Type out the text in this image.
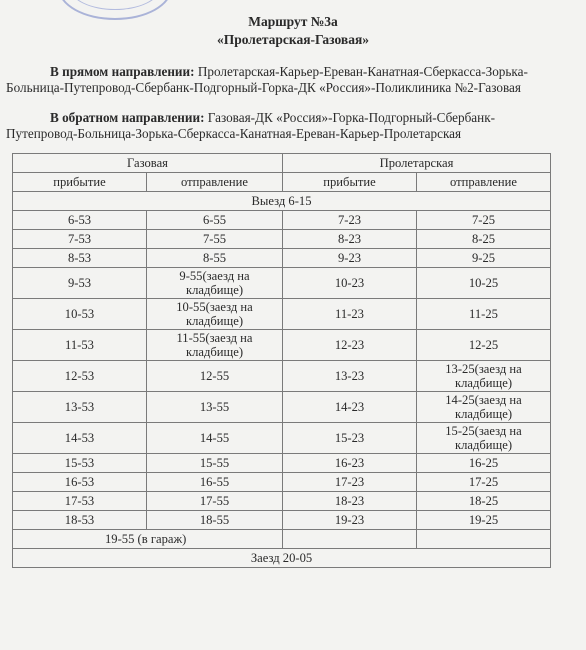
Маршрут №3а
«Пролетарская-Газовая»
В прямом направлении: Пролетарская-Карьер-Ереван-Канатная-Сберкасса-Зорька-
Больница-Путепровод-Сбербанк-Подгорный-Горка-ДК «Россия»-Поликлиника №2-Газовая
В обратном направлении: Газовая-ДК «Россия»-Горка-Подгорный-Сбербанк-
Путепровод-Больница-Зорька-Сберкасса-Канатная-Ереван-Карьер-Пролетарская
Газовая		Пролетарская	
прибытие	отправление	прибытие	отправление
Выезд 6-15			
6-53	6-55	7-23	7-25
7-53	7-55	8-23	8-25
8-53	8-55	9-23	9-25
9-53	9-55(заезд на кладбище)	10-23	10-25
10-53	10-55(заезд на кладбище)	11-23	11-25
11-53	11-55(заезд на кладбище)	12-23	12-25
12-53	12-55	13-23	13-25(заезд на кладбище)
13-53	13-55	14-23	14-25(заезд на кладбище)
14-53	14-55	15-23	15-25(заезд на кладбище)
15-53	15-55	16-23	16-25
16-53	16-55	17-23	17-25
17-53	17-55	18-23	18-25
18-53	18-55	19-23	19-25
19-55 (в гараж)			
Заезд 20-05			
